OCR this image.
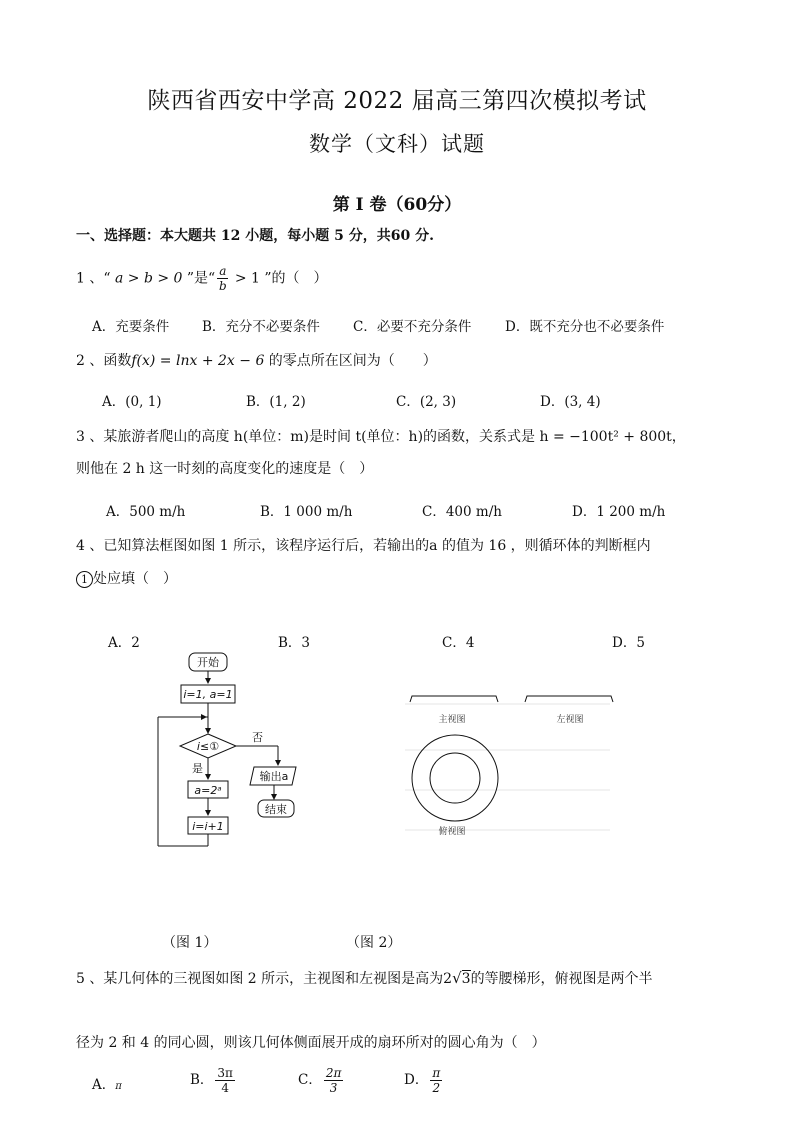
陕西省西安中学高 2022 届高三第四次模拟考试
数学（文科）试题
第 I 卷（60分）
一、选择题：本大题共 12 小题，每小题 5 分，共60 分.
1 、“ a > b > 0 ”是“ $\frac{a}{b} > 1$ ”的（　）
A．充要条件 B．充分不必要条件 C．必要不充分条件 D．既不充分也不必要条件
2 、函数f(x) = lnx + 2x − 6 的零点所在区间为（　　）
A．(0, 1)	B．(1, 2)	C．(2, 3)	D．(3, 4)
3 、某旅游者爬山的高度 h(单位：m)是时间 t(单位：h)的函数，关系式是 h = −100t² + 800t，
则他在 2 h 这一时刻的高度变化的速度是（　）
A．500 m/h	B．1 000 m/h	C．400 m/h	D．1 200 m/h
4 、已知算法框图如图 1 所示，该程序运行后，若输出的a 的值为 16 ，则循环体的判断框内
1 处应填（　）
A．2	B．3	C．4	D．5
开始
i=1, a=1
i≤①
否
是
输出a
结束
a=2ᵃ
i=i+1
主视图	左视图
俯视图
（图 1）	（图 2）
5 、某几何体的三视图如图 2 所示，主视图和左视图是高为2√3的等腰梯形，俯视图是两个半
径为 2 和 4 的同心圆，则该几何体侧面展开成的扇环所对的圆心角为（　）
A．π	B． $\frac{3\pi}{4}$	C． $\frac{2\pi}{3}$	D． $\frac{\pi}{2}$
